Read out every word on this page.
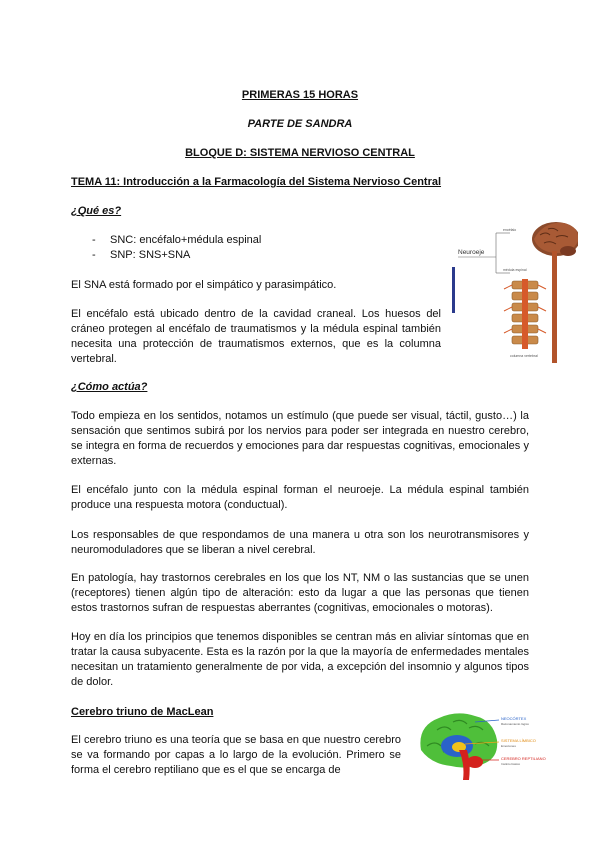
PRIMERAS 15 HORAS

PARTE DE SANDRA

BLOQUE D: SISTEMA NERVIOSO CENTRAL

TEMA 11: Introducción a la Farmacología del Sistema Nervioso Central

¿Qué es?

- SNC: encéfalo+médula espinal
- SNP: SNS+SNA

El SNA está formado por el simpático y parasimpático.

El encéfalo está ubicado dentro de la cavidad craneal. Los huesos del cráneo protegen al encéfalo de traumatismos y la médula espinal también necesita una protección de traumatismos externos, que es la columna vertebral.

Neuroeje
encéfalo
médula espinal
columna vertebral

¿Cómo actúa?

Todo empieza en los sentidos, notamos un estímulo (que puede ser visual, táctil, gusto…) la sensación que sentimos subirá por los nervios para poder ser integrada en nuestro cerebro, se integra en forma de recuerdos y emociones para dar respuestas cognitivas, emocionales y externas.

El encéfalo junto con la médula espinal forman el neuroeje. La médula espinal también produce una respuesta motora (conductual).

Los responsables de que respondamos de una manera u otra son los neurotransmisores y neuromoduladores que se liberan a nivel cerebral.

En patología, hay trastornos cerebrales en los que los NT, NM o las sustancias que se unen (receptores) tienen algún tipo de alteración: esto da lugar a que las personas que tienen estos trastornos sufran de respuestas aberrantes (cognitivas, emocionales o motoras).

Hoy en día los principios que tenemos disponibles se centran más en aliviar síntomas que en tratar la causa subyacente. Esta es la razón por la que la mayoría de enfermedades mentales necesitan un tratamiento generalmente de por vida, a excepción del insomnio y algunos tipos de dolor.

Cerebro triuno de MacLean

El cerebro triuno es una teoría que se basa en que nuestro cerebro se va formando por capas a lo largo de la evolución. Primero se forma el cerebro reptiliano que es el que se encarga de

NEOCÓRTEX
Razonamiento lógico
SISTEMA LÍMBICO
Emociones
CEREBRO REPTILIANO
Instinto básico
